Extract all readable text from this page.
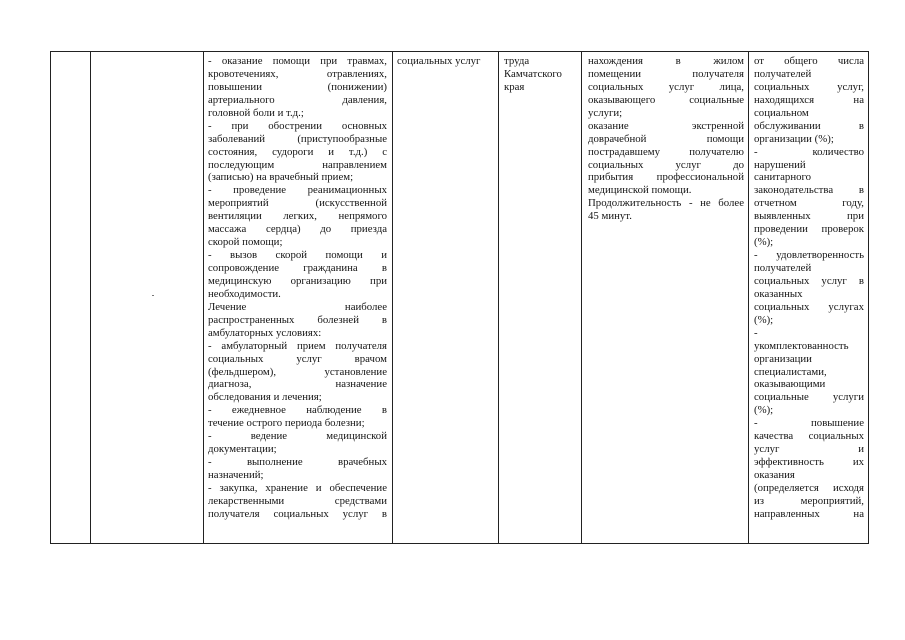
- оказание помощи при травмах,
кровотечениях, отравлениях,
повышении (понижении)
артериального давления,
головной боли и т.д.;
- при обострении основных
заболеваний (приступообразные
состояния, судороги и т.д.) с
последующим направлением
(записью) на врачебный прием;
- проведение реанимационных
мероприятий (искусственной
вентиляции легких, непрямого
массажа сердца) до приезда
скорой помощи;
- вызов скорой помощи и
сопровождение гражданина в
медицинскую организацию при
необходимости.
Лечение наиболее
распространенных болезней в
амбулаторных условиях:
- амбулаторный прием получателя
социальных услуг врачом
(фельдшером), установление
диагноза, назначение
обследования и лечения;
- ежедневное наблюдение в
течение острого периода болезни;
- ведение медицинской
документации;
- выполнение врачебных
назначений;
- закупка, хранение и обеспечение
лекарственными средствами
получателя социальных услуг в
социальных услуг	труда
Камчатского
края
нахождения в жилом
помещении получателя
социальных услуг лица,
оказывающего социальные
услуги;
оказание экстренной
доврачебной помощи
пострадавшему получателю
социальных услуг до
прибытия профессиональной
медицинской помощи.
Продолжительность - не более
45 минут.
от общего числа
получателей
социальных услуг,
находящихся на
социальном
обслуживании в
организации (%);
- количество
нарушений
санитарного
законодательства в
отчетном году,
выявленных при
проведении проверок
(%);
- удовлетворенность
получателей
социальных услуг в
оказанных
социальных услугах
(%);
-
укомплектованность
организации
специалистами,
оказывающими
социальные услуги
(%);
- повышение
качества социальных
услуг и
эффективность их
оказания
(определяется исходя
из мероприятий,
направленных на
